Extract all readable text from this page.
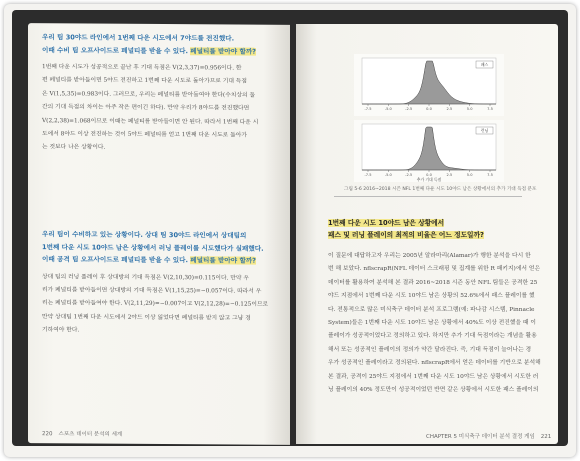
우리 팀 30야드 라인에서 1번째 다운 시도에서 7야드를 전진했다.

이때 수비 팀 오프사이드로 페널티를 받을 수 있다. 페널티를 받아야 할까?

1번째 다운 시도가 성공적으로 끝난 후 기대 득점은 V(2,3,37)=0.956이다. 한

편 페널티를 받아들이면 5야드 전진하고 1번째 다운 시도로 돌아가므로 기대 득점

은 V(1,5,35)=0.983이다. 그러므로, 우리는 페널티를 받아들여야 한다(수치상의 둘

간의 기대 득점의 차이는 아주 작은 편이긴 하다). 만약 우리가 8야드를 전진했다면

V(2,2,38)=1.068이므로 이때는 페널티를 받아들이면 안 된다. 따라서 1번째 다운 시

도에서 8야드 이상 전진하는 것이 5야드 페널티를 얻고 1번째 다운 시도로 돌아가

는 것보다 나은 상황이다.

우리 팀이 수비하고 있는 상황이다. 상대 팀 30야드 라인에서 상대팀의

1번째 다운 시도 10야드 남은 상황에서 러닝 플레이를 시도했다가 실패했다.

이때 공격 팀 오프사이드로 페널티를 받을 수 있다. 페널티를 받아야 할까?

상대 팀의 러닝 플레이 후 상대방의 기대 득점은 V(2,10,30)=0.115이다. 만약 우

리가 페널티를 받아들이면 상대방의 기대 득점은 V(1,15,25)=−0.057이다. 따라서 우

리는 페널티를 받아들여야 한다. V(2,11,29)=−0.007이고 V(2,12,28)=−0.125이므로

만약 상대팀 1번째 다운 시도에서 2야드 이상 잃었다면 페널티를 받지 않고 그냥 경

기하여야 한다.

220 스포츠 데이터 분석의 세계
-7.5	-5.0	-2.5	0.0	2.5	5.0	7.5
패스
-7.5	-5.0	-2.5	0.0	2.5	5.0	7.5
런닝
추가 기대 득점
그림 5-6 2016~2018 시즌 NFL 1번째 다운 시도 10야드 남은 상황에서의 추가 기대 득점 분포
1번째 다운 시도 10야드 남은 상황에서
패스 및 러닝 플레이의 최적의 비율은 어느 정도일까?

이 질문에 대답하고자 우리는 2005년 알라마리(Alamar)가 행한 분석을 다시 한

번 해 보았다. nflscrapR(NFL 데이터 스크래핑 및 집계를 위한 R 패키지)에서 얻은

데이터를 활용하여 분석해 본 결과 2016~2018 시즌 동안 NFL 팀들은 공격한 25

야드 지점에서 1번째 다운 시도 10야드 남은 상황의 52.6%에서 패스 플레이를 했

다. 전통적으로 많은 미식축구 데이터 분석 프로그램(예: 파나감 시스템, Pinnacle

System)들은 1번째 다운 시도 10야드 남은 상황에서 40%도 이상 전진했을 때 이

플레이가 성공적이었다고 정의하고 있다. 하지만 추가 기대 득점이라는 개념을 활용

해서 또는 성공적인 플레이의 정의가 약간 달라진다. 즉, 기대 득점이 늘어나는 경

우가 성공적인 플레이라고 정의된다. nflscrapR에서 얻은 데이터를 기반으로 분석해

본 결과, 공격이 25야드 지점에서 1번째 다운 시도 10야드 남은 상황에서 시도한 러

닝 플레이의 40% 정도만이 성공적이었던 반면 같은 상황에서 시도한 패스 플레이의

CHAPTER 5 미식축구 데이터 분석 결정 게임 221
